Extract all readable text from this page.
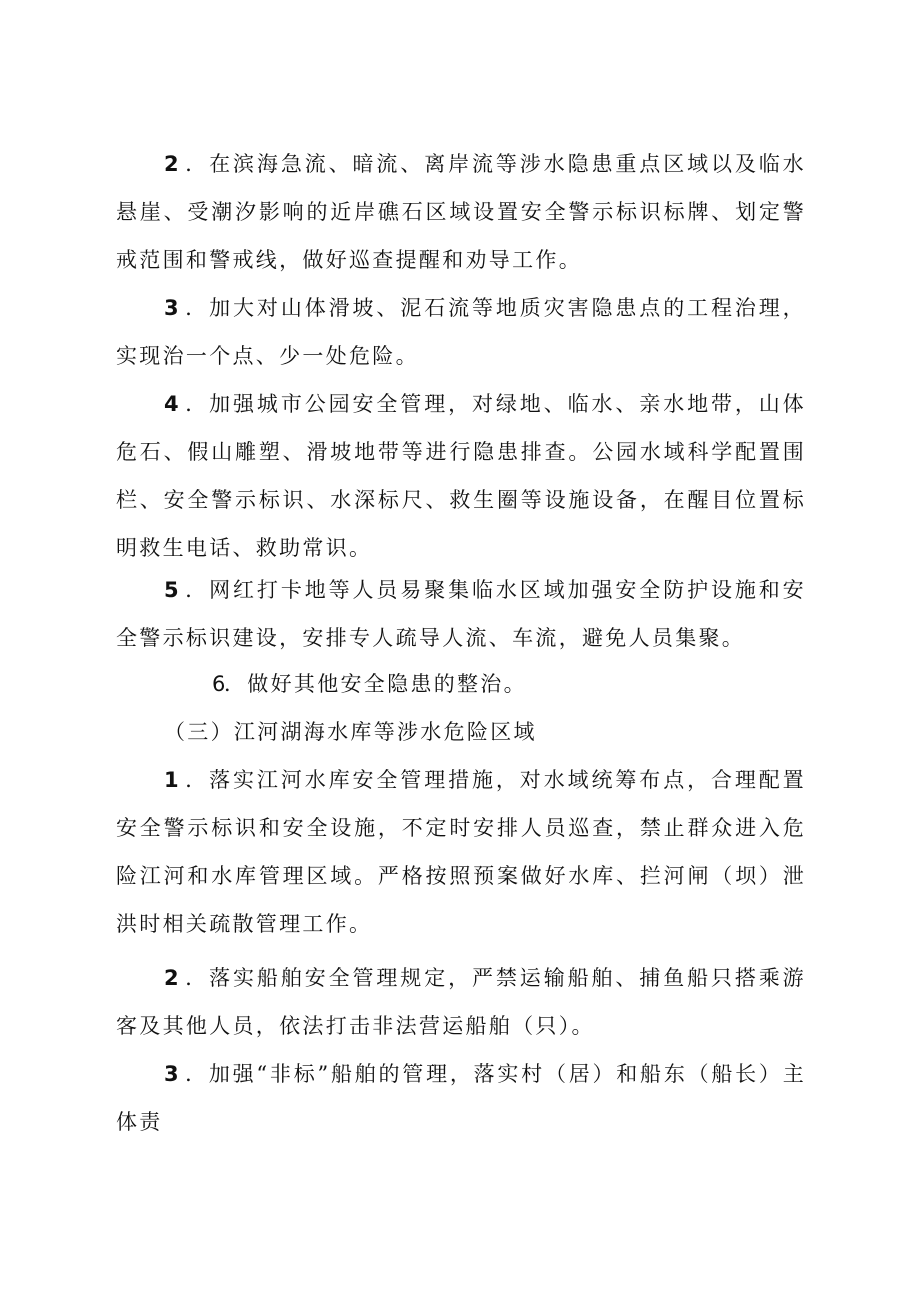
2 ．在滨海急流、暗流、离岸流等涉水隐患重点区域以及临水悬崖、受潮汐影响的近岸礁石区域设置安全警示标识标牌、划定警戒范围和警戒线，做好巡查提醒和劝导工作。

3 ．加大对山体滑坡、泥石流等地质灾害隐患点的工程治理，实现治一个点、少一处危险。

4 ．加强城市公园安全管理，对绿地、临水、亲水地带，山体危石、假山雕塑、滑坡地带等进行隐患排查。公园水域科学配置围栏、安全警示标识、水深标尺、救生圈等设施设备，在醒目位置标明救生电话、救助常识。

5 ．网红打卡地等人员易聚集临水区域加强安全防护设施和安全警示标识建设，安排专人疏导人流、车流，避免人员集聚。

6．做好其他安全隐患的整治。

（三）江河湖海水库等涉水危险区域

1 ．落实江河水库安全管理措施，对水域统筹布点，合理配置安全警示标识和安全设施，不定时安排人员巡查，禁止群众进入危险江河和水库管理区域。严格按照预案做好水库、拦河闸（坝）泄洪时相关疏散管理工作。

2 ．落实船舶安全管理规定，严禁运输船舶、捕鱼船只搭乘游客及其他人员，依法打击非法营运船舶（只）。

3 ．加强“非标”船舶的管理，落实村（居）和船东（船长）主体责
